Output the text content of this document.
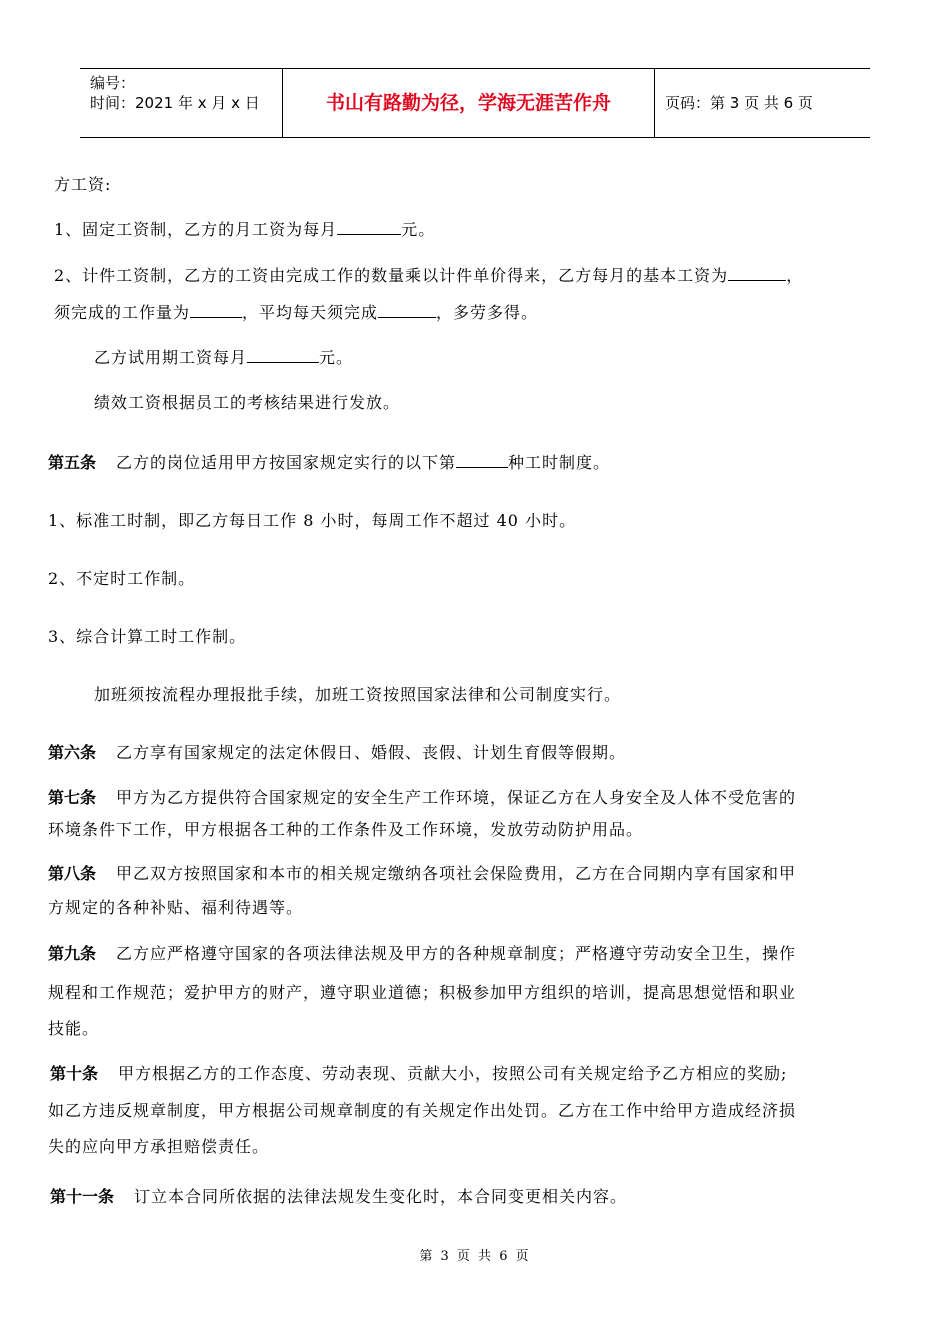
编号：
时间：2021 年 x 月 x 日	书山有路勤为径，学海无涯苦作舟	页码：第 3 页 共 6 页
方工资:
1、固定工资制，乙方的月工资为每月	元。
2、计件工资制，乙方的工资由完成工作的数量乘以计件单价得来，乙方每月的基本工资为	，
须完成的工作量为	，平均每天须完成	，多劳多得。
乙方试用期工资每月	元。
绩效工资根据员工的考核结果进行发放。
第五条 乙方的岗位适用甲方按国家规定实行的以下第	种工时制度。
1、标准工时制，即乙方每日工作 8 小时，每周工作不超过 40 小时。
2、不定时工作制。
3、综合计算工时工作制。
加班须按流程办理报批手续，加班工资按照国家法律和公司制度实行。
第六条 乙方享有国家规定的法定休假日、婚假、丧假、计划生育假等假期。
第七条 甲方为乙方提供符合国家规定的安全生产工作环境，保证乙方在人身安全及人体不受危害的
环境条件下工作，甲方根据各工种的工作条件及工作环境，发放劳动防护用品。
第八条 甲乙双方按照国家和本市的相关规定缴纳各项社会保险费用，乙方在合同期内享有国家和甲
方规定的各种补贴、福利待遇等。
第九条 乙方应严格遵守国家的各项法律法规及甲方的各种规章制度；严格遵守劳动安全卫生，操作
规程和工作规范；爱护甲方的财产，遵守职业道德；积极参加甲方组织的培训，提高思想觉悟和职业
技能。
第十条 甲方根据乙方的工作态度、劳动表现、贡献大小，按照公司有关规定给予乙方相应的奖励;
如乙方违反规章制度，甲方根据公司规章制度的有关规定作出处罚。乙方在工作中给甲方造成经济损
失的应向甲方承担赔偿责任。
第十一条 订立本合同所依据的法律法规发生变化时，本合同变更相关内容。
第 3 页 共 6 页
